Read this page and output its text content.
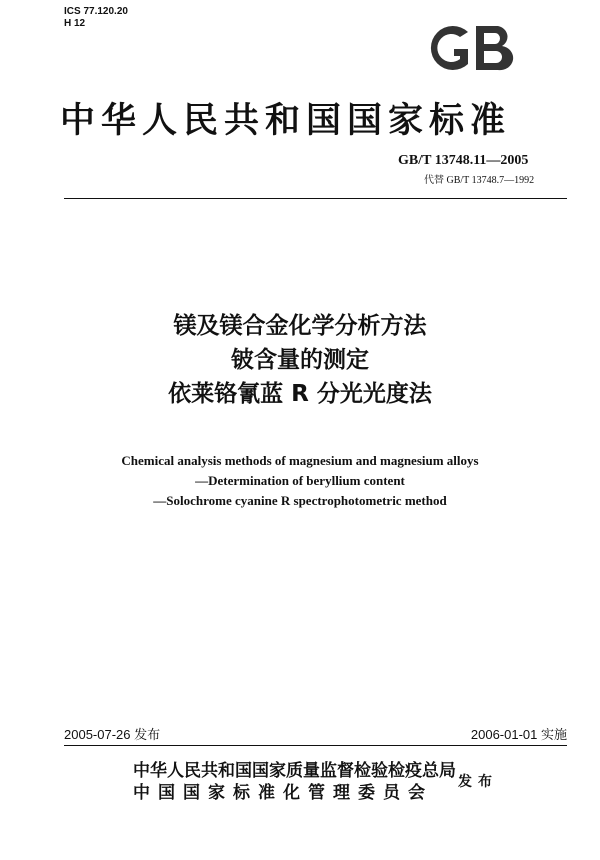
ICS 77.120.20
H 12
中华人民共和国国家标准
GB/T 13748.11—2005
代替 GB/T 13748.7—1992
镁及镁合金化学分析方法
铍含量的测定
依莱铬氰蓝 R 分光光度法
Chemical analysis methods of magnesium and magnesium alloys
—Determination of beryllium content
—Solochrome cyanine R spectrophotometric method
2005-07-26 发布	2006-01-01 实施
中华人民共和国国家质量监督检验检疫总局
中国国家标准化管理委员会
发布
